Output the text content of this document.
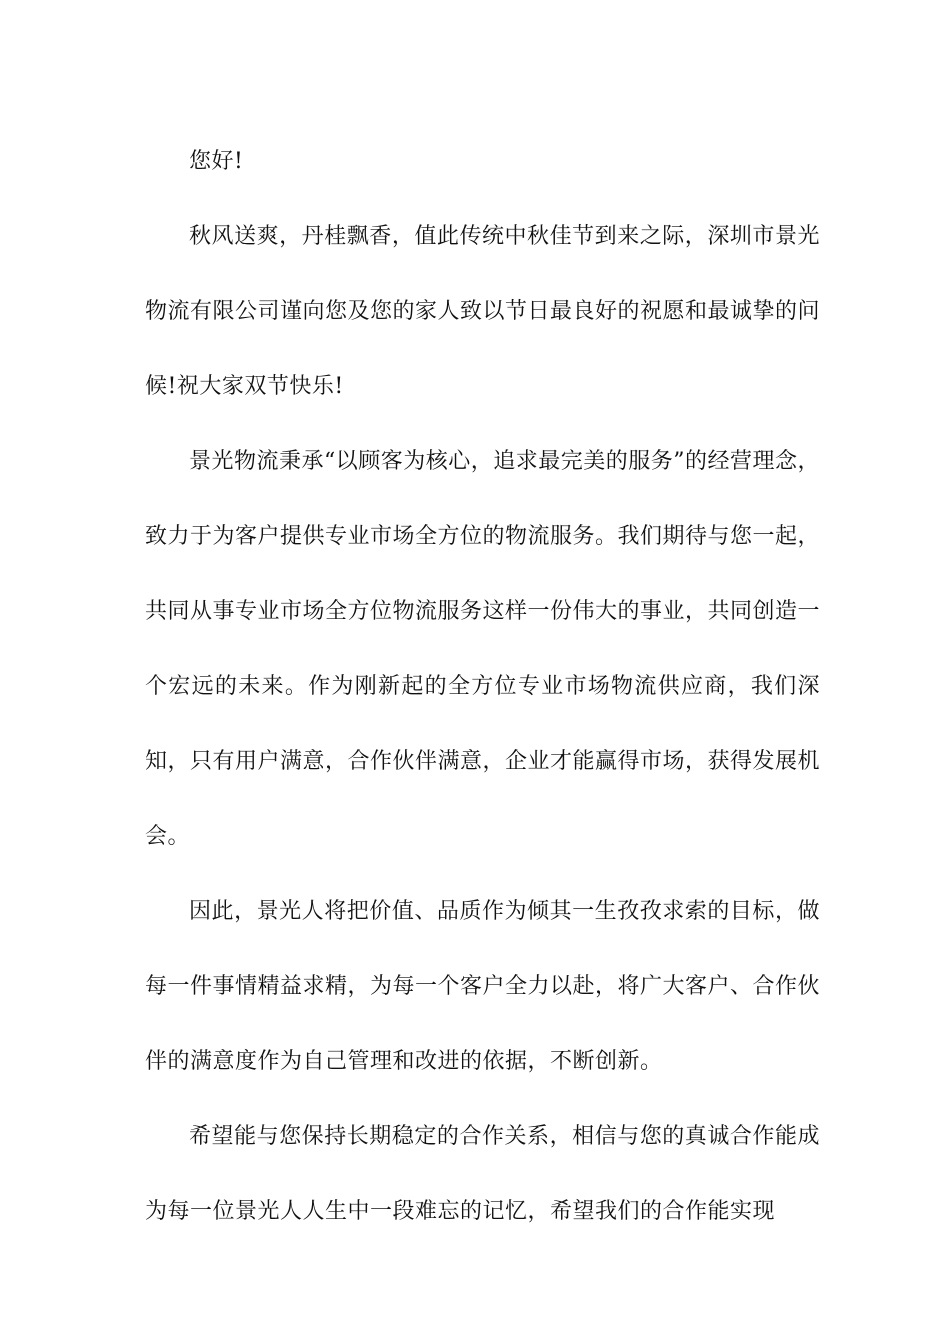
您好!

秋风送爽，丹桂飘香，值此传统中秋佳节到来之际，深圳市景光物流有限公司谨向您及您的家人致以节日最良好的祝愿和最诚挚的问候!祝大家双节快乐!

景光物流秉承“以顾客为核心，追求最完美的服务”的经营理念，致力于为客户提供专业市场全方位的物流服务。我们期待与您一起，共同从事专业市场全方位物流服务这样一份伟大的事业，共同创造一个宏远的未来。作为刚新起的全方位专业市场物流供应商，我们深知，只有用户满意，合作伙伴满意，企业才能赢得市场，获得发展机会。

因此，景光人将把价值、品质作为倾其一生孜孜求索的目标，做每一件事情精益求精，为每一个客户全力以赴，将广大客户、合作伙伴的满意度作为自己管理和改进的依据，不断创新。

希望能与您保持长期稳定的合作关系，相信与您的真诚合作能成为每一位景光人人生中一段难忘的记忆，希望我们的合作能实现
